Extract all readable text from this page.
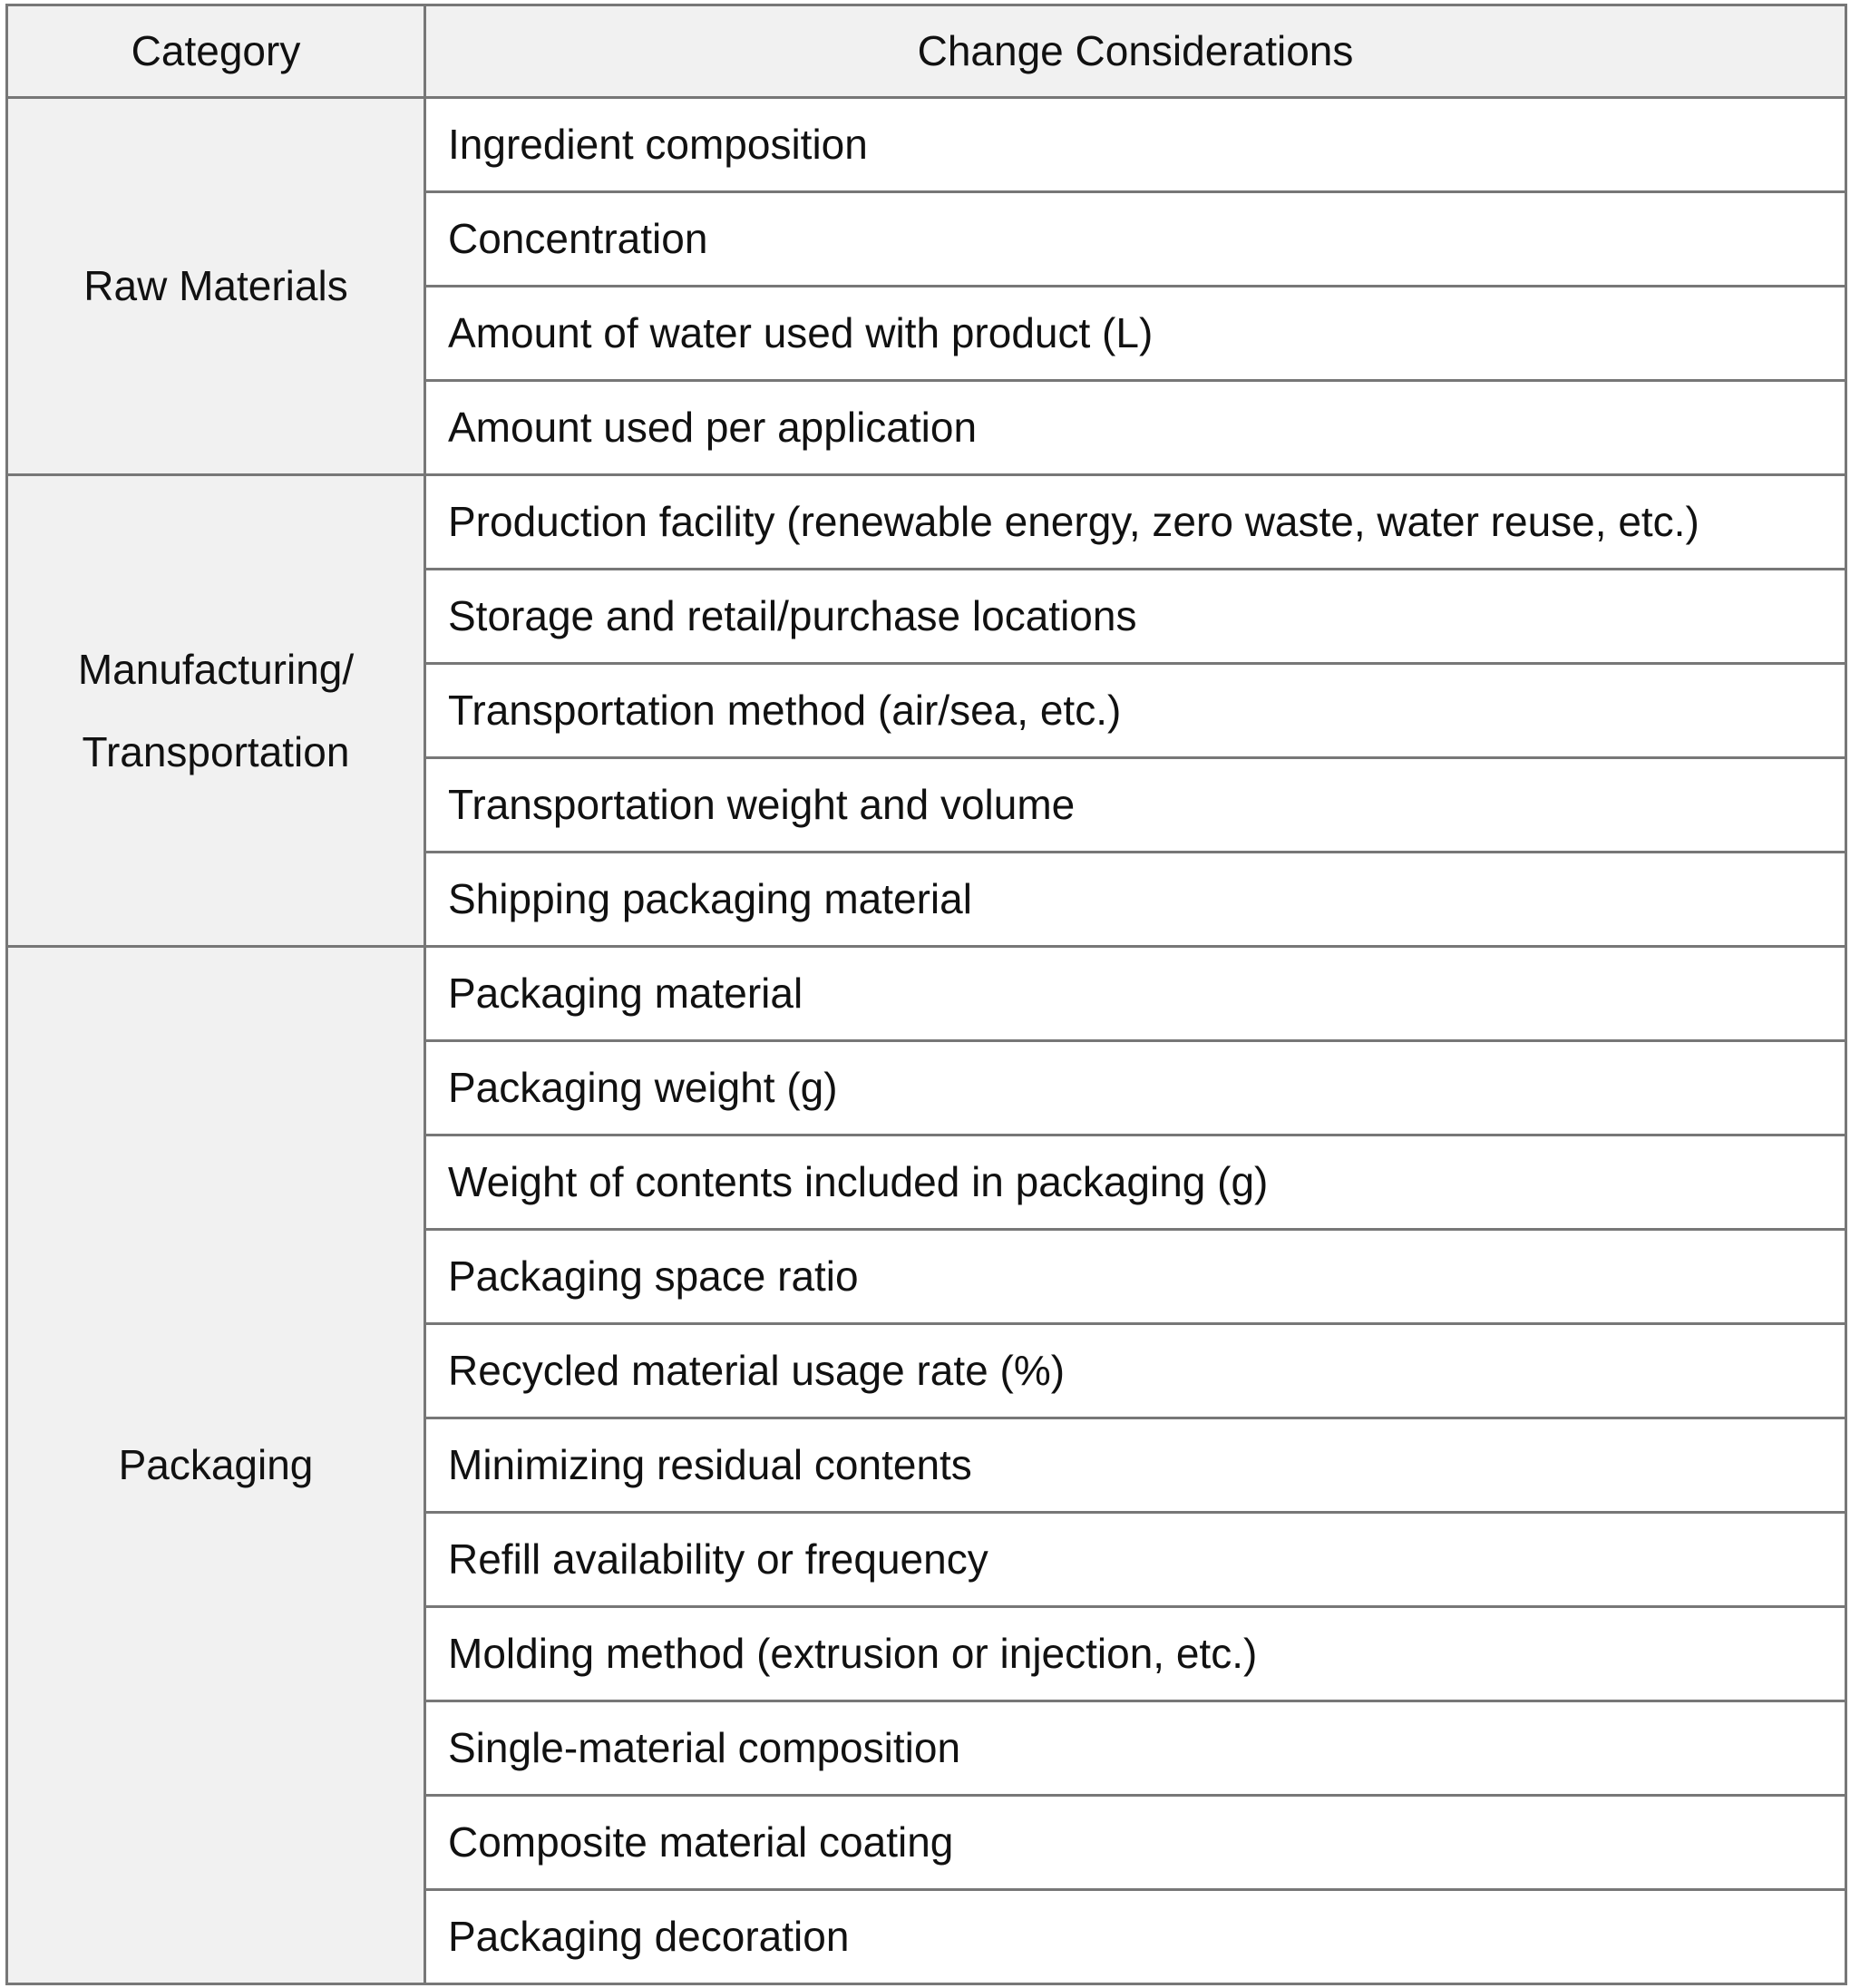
Category	Change Considerations

Raw Materials	Ingredient composition
	Concentration
	Amount of water used with product (L)
	Amount used per application

Manufacturing/
Transportation	Production facility (renewable energy, zero waste, water reuse, etc.)
	Storage and retail/purchase locations
	Transportation method (air/sea, etc.)
	Transportation weight and volume
	Shipping packaging material

Packaging	Packaging material
	Packaging weight (g)
	Weight of contents included in packaging (g)
	Packaging space ratio
	Recycled material usage rate (%)
	Minimizing residual contents
	Refill availability or frequency
	Molding method (extrusion or injection, etc.)
	Single-material composition
	Composite material coating
	Packaging decoration
